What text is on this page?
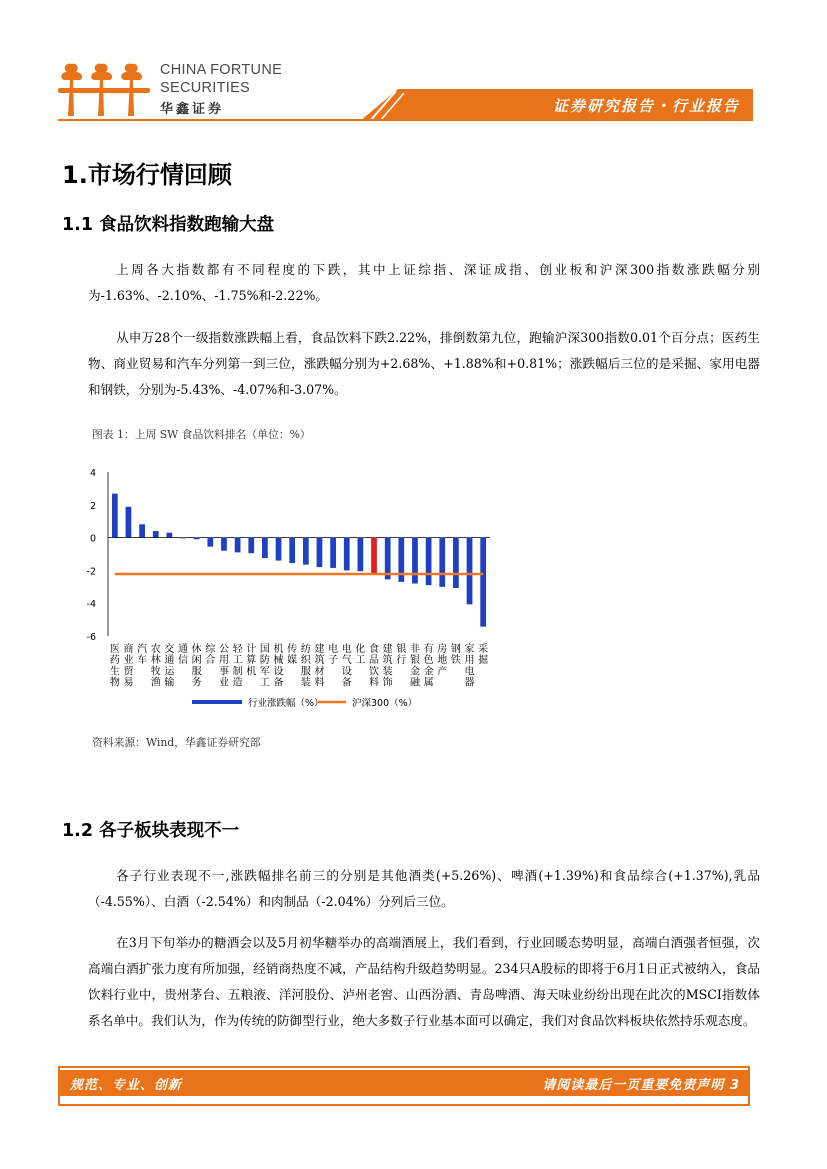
CHINA FORTUNE
SECURITIES
华鑫证券	证券研究报告・行业报告
1.市场行情回顾
1.1 食品饮料指数跑输大盘
上周各大指数都有不同程度的下跌，其中上证综指、深证成指、创业板和沪深300指数涨跌幅分别为-1.63%、-2.10%、-1.75%和-2.22%。
从申万28个一级指数涨跌幅上看，食品饮料下跌2.22%，排倒数第九位，跑输沪深300指数0.01个百分点；医药生物、商业贸易和汽车分列第一到三位，涨跌幅分别为+2.68%、+1.88%和+0.81%；涨跌幅后三位的是采掘、家用电器和钢铁，分别为-5.43%、-4.07%和-3.07%。
图表 1：上周 SW 食品饮料排名（单位：%）
4
2
0
-2
-4
-6
医
药
生
物
商
业
贸
易
汽
车
农
林
牧
渔
交
通
运
输
通
信
休
闲
服
务
综
合
公
用
事
业
轻
工
制
造
计
算
机
国
防
军
工
机
械
设
备
传
媒
纺
织
服
装
建
筑
材
料
电
子
电
气
设
备
化
工
食
品
饮
料
建
筑
装
饰
银
行
非
银
金
融
有
色
金
属
房
地
产
钢
铁
家
用
电
器
采
掘
行业涨跌幅（%）	沪深300（%）
资料来源：Wind，华鑫证券研究部
1.2 各子板块表现不一
各子行业表现不一,涨跌幅排名前三的分别是其他酒类(+5.26%)、啤酒(+1.39%)和食品综合(+1.37%),乳品（-4.55%）、白酒（-2.54%）和肉制品（-2.04%）分列后三位。
在3月下旬举办的糖酒会以及5月初华糖举办的高端酒展上，我们看到，行业回暖态势明显，高端白酒强者恒强，次高端白酒扩张力度有所加强，经销商热度不减，产品结构升级趋势明显。234只A股标的即将于6月1日正式被纳入，食品饮料行业中，贵州茅台、五粮液、洋河股份、泸州老窖、山西汾酒、青岛啤酒、海天味业纷纷出现在此次的MSCI指数体系名单中。我们认为，作为传统的防御型行业，绝大多数子行业基本面可以确定，我们对食品饮料板块依然持乐观态度。
规范、专业、创新	请阅读最后一页重要免责声明 3
